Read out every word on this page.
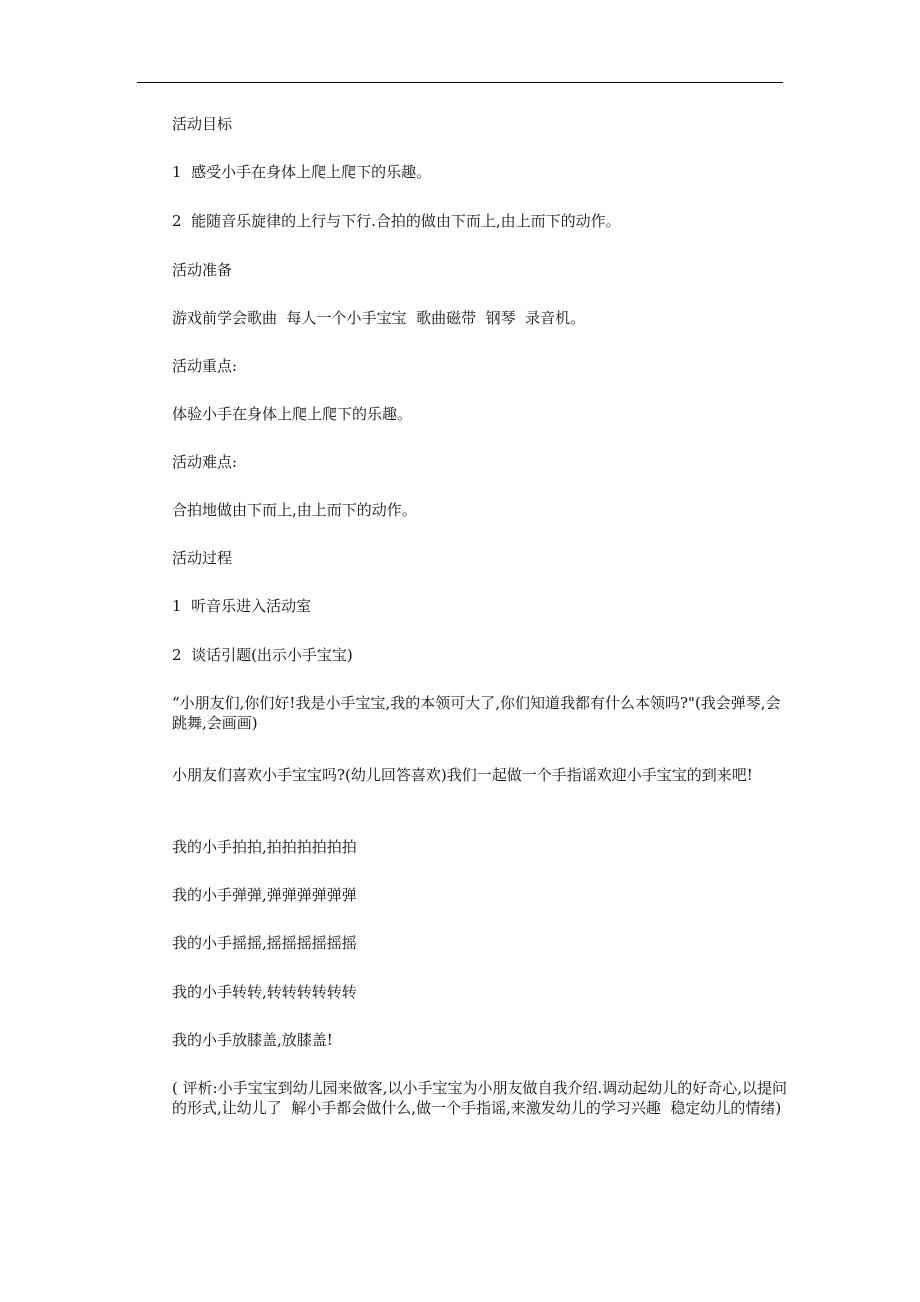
活动目标

1  感受小手在身体上爬上爬下的乐趣。

2  能随音乐旋律的上行与下行.合拍的做由下而上,由上而下的动作。

活动准备

游戏前学会歌曲  每人一个小手宝宝  歌曲磁带  钢琴  录音机。

活动重点:

体验小手在身体上爬上爬下的乐趣。

活动难点:

合拍地做由下而上,由上而下的动作。

活动过程

1  听音乐进入活动室

2  谈话引题(出示小手宝宝)

“小朋友们,你们好!我是小手宝宝,我的本领可大了,你们知道我都有什么本领吗?"(我会弹琴,会跳舞,会画画)

小朋友们喜欢小手宝宝吗?(幼儿回答喜欢)我们一起做一个手指谣欢迎小手宝宝的到来吧!

我的小手拍拍,拍拍拍拍拍拍

我的小手弹弹,弹弹弹弹弹弹

我的小手摇摇,摇摇摇摇摇摇

我的小手转转,转转转转转转

我的小手放膝盖,放膝盖!

( 评析:小手宝宝到幼儿园来做客,以小手宝宝为小朋友做自我介绍.调动起幼儿的好奇心,以提问的形式,让幼儿了  解小手都会做什么,做一个手指谣,来激发幼儿的学习兴趣  稳定幼儿的情绪)
